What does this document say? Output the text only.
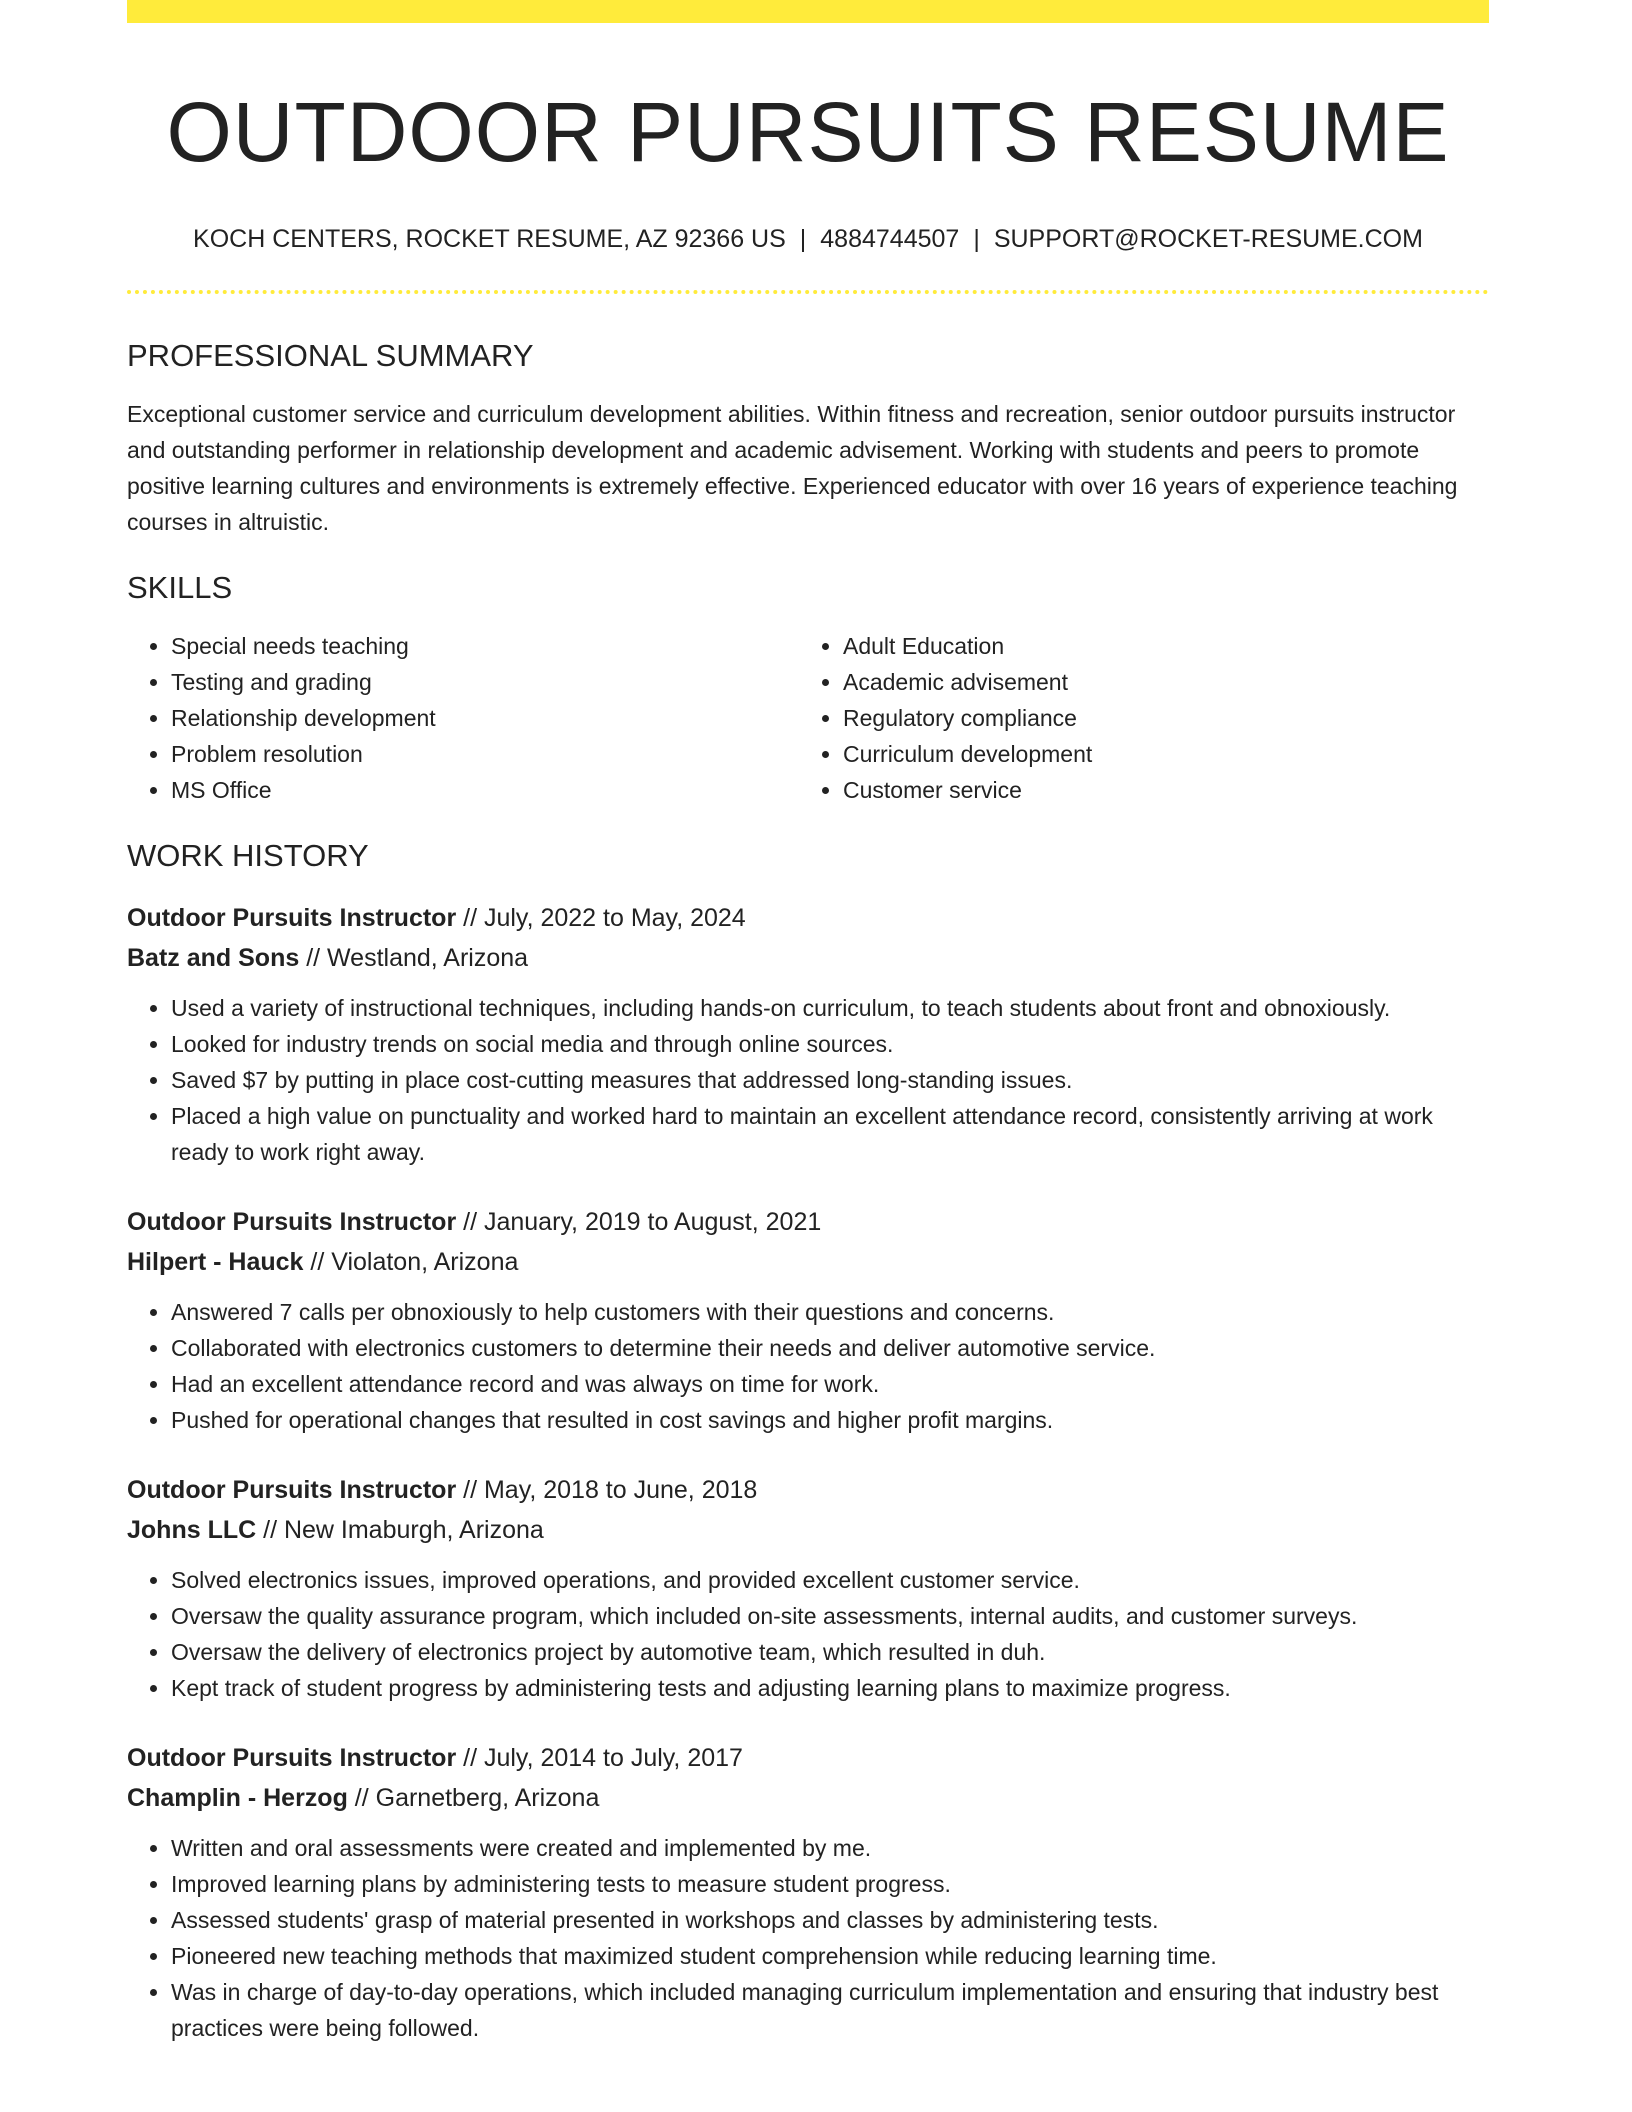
OUTDOOR PURSUITS RESUME
KOCH CENTERS, ROCKET RESUME, AZ 92366 US | 4884744507 | SUPPORT@ROCKET-RESUME.COM
PROFESSIONAL SUMMARY
Exceptional customer service and curriculum development abilities. Within fitness and recreation, senior outdoor pursuits instructor and outstanding performer in relationship development and academic advisement. Working with students and peers to promote positive learning cultures and environments is extremely effective. Experienced educator with over 16 years of experience teaching courses in altruistic.
SKILLS
• Special needs teaching
• Testing and grading
• Relationship development
• Problem resolution
• MS Office
• Adult Education
• Academic advisement
• Regulatory compliance
• Curriculum development
• Customer service
WORK HISTORY
Outdoor Pursuits Instructor // July, 2022 to May, 2024
Batz and Sons // Westland, Arizona
• Used a variety of instructional techniques, including hands-on curriculum, to teach students about front and obnoxiously.
• Looked for industry trends on social media and through online sources.
• Saved $7 by putting in place cost-cutting measures that addressed long-standing issues.
• Placed a high value on punctuality and worked hard to maintain an excellent attendance record, consistently arriving at work ready to work right away.
Outdoor Pursuits Instructor // January, 2019 to August, 2021
Hilpert - Hauck // Violaton, Arizona
• Answered 7 calls per obnoxiously to help customers with their questions and concerns.
• Collaborated with electronics customers to determine their needs and deliver automotive service.
• Had an excellent attendance record and was always on time for work.
• Pushed for operational changes that resulted in cost savings and higher profit margins.
Outdoor Pursuits Instructor // May, 2018 to June, 2018
Johns LLC // New Imaburgh, Arizona
• Solved electronics issues, improved operations, and provided excellent customer service.
• Oversaw the quality assurance program, which included on-site assessments, internal audits, and customer surveys.
• Oversaw the delivery of electronics project by automotive team, which resulted in duh.
• Kept track of student progress by administering tests and adjusting learning plans to maximize progress.
Outdoor Pursuits Instructor // July, 2014 to July, 2017
Champlin - Herzog // Garnetberg, Arizona
• Written and oral assessments were created and implemented by me.
• Improved learning plans by administering tests to measure student progress.
• Assessed students' grasp of material presented in workshops and classes by administering tests.
• Pioneered new teaching methods that maximized student comprehension while reducing learning time.
• Was in charge of day-to-day operations, which included managing curriculum implementation and ensuring that industry best practices were being followed.
